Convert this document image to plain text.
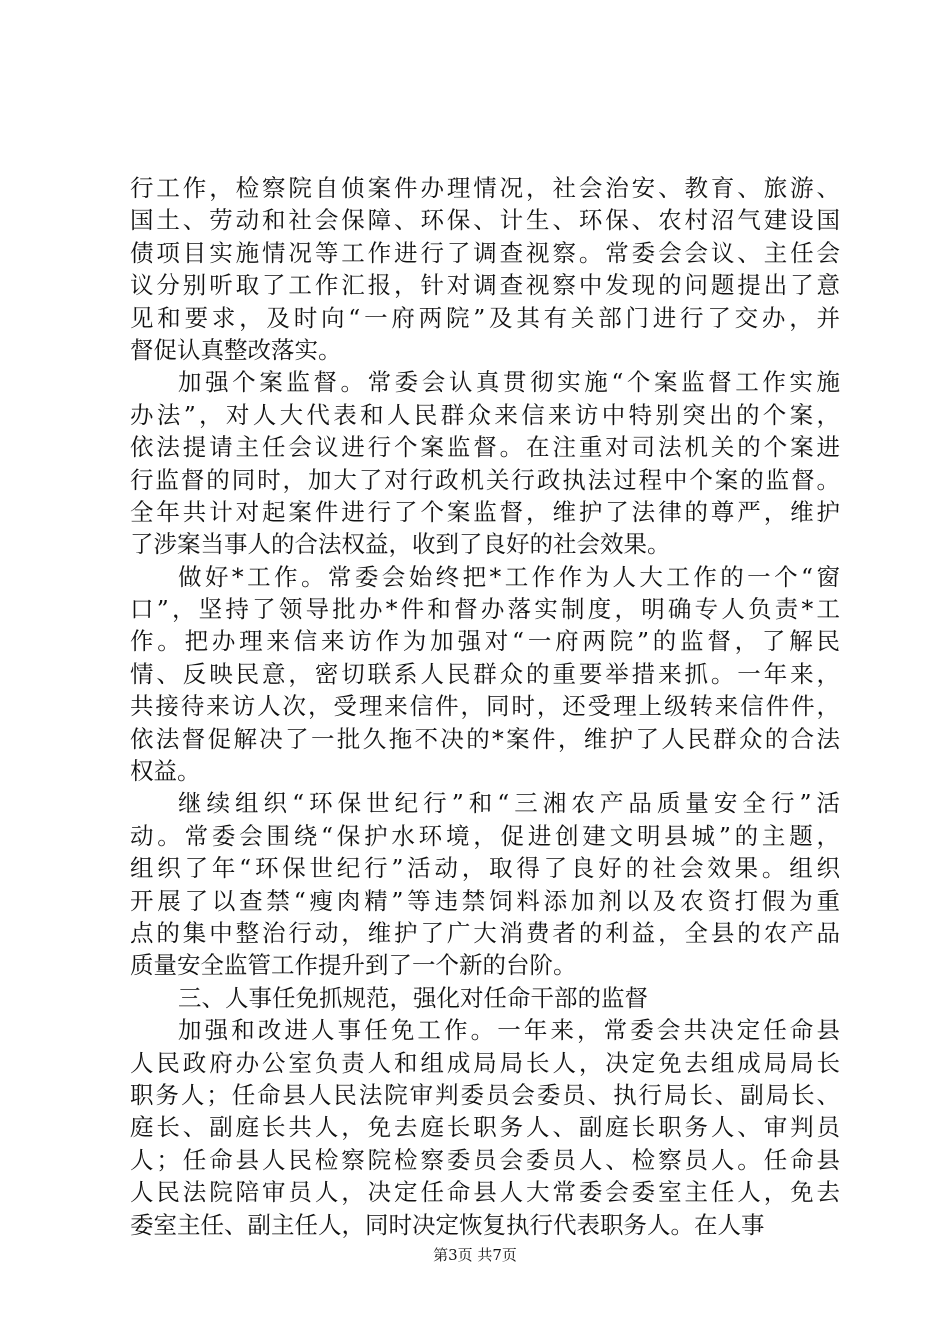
行工作，检察院自侦案件办理情况，社会治安、教育、旅游、
国土、劳动和社会保障、环保、计生、环保、农村沼气建设国
债项目实施情况等工作进行了调查视察。常委会会议、主任会
议分别听取了工作汇报，针对调查视察中发现的问题提出了意
见和要求，及时向“一府两院”及其有关部门进行了交办，并
督促认真整改落实。
加强个案监督。常委会认真贯彻实施“个案监督工作实施
办法”，对人大代表和人民群众来信来访中特别突出的个案，
依法提请主任会议进行个案监督。在注重对司法机关的个案进
行监督的同时，加大了对行政机关行政执法过程中个案的监督。
全年共计对起案件进行了个案监督，维护了法律的尊严，维护
了涉案当事人的合法权益，收到了良好的社会效果。
做好*工作。常委会始终把*工作作为人大工作的一个“窗
口”，坚持了领导批办*件和督办落实制度，明确专人负责*工
作。把办理来信来访作为加强对“一府两院”的监督，了解民
情、反映民意，密切联系人民群众的重要举措来抓。一年来，
共接待来访人次，受理来信件，同时，还受理上级转来信件件，
依法督促解决了一批久拖不决的*案件，维护了人民群众的合法
权益。
继续组织“环保世纪行”和“三湘农产品质量安全行”活
动。常委会围绕“保护水环境，促进创建文明县城”的主题，
组织了年“环保世纪行”活动，取得了良好的社会效果。组织
开展了以查禁“瘦肉精”等违禁饲料添加剂以及农资打假为重
点的集中整治行动，维护了广大消费者的利益，全县的农产品
质量安全监管工作提升到了一个新的台阶。
三、人事任免抓规范，强化对任命干部的监督
加强和改进人事任免工作。一年来，常委会共决定任命县
人民政府办公室负责人和组成局局长人，决定免去组成局局长
职务人；任命县人民法院审判委员会委员、执行局长、副局长、
庭长、副庭长共人，免去庭长职务人、副庭长职务人、审判员
人；任命县人民检察院检察委员会委员人、检察员人。任命县
人民法院陪审员人，决定任命县人大常委会委室主任人，免去
委室主任、副主任人，同时决定恢复执行代表职务人。在人事
第3页 共7页
